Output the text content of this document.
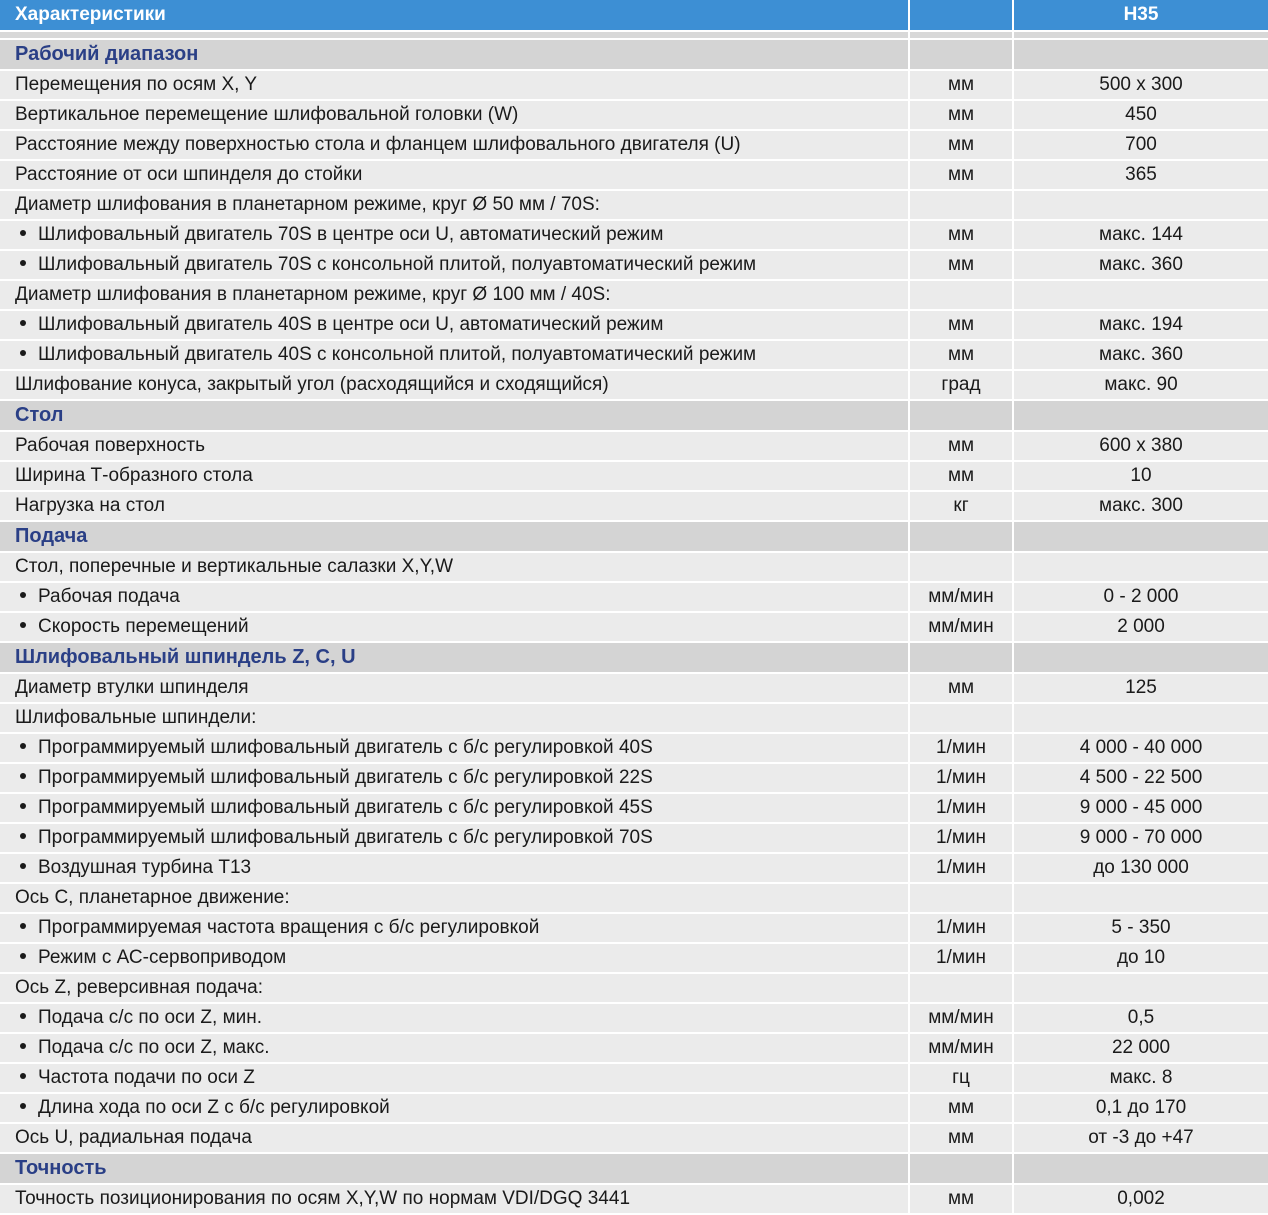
Характеристики		H35

Рабочий диапазон		
Перемещения по осям X, Y	мм	500 x 300
Вертикальное перемещение шлифовальной головки (W)	мм	450
Расстояние между поверхностью стола и фланцем шлифовального двигателя (U)	мм	700
Расстояние от оси шпинделя до стойки	мм	365
Диаметр шлифования в планетарном режиме, круг Ø 50 мм / 70S:		
Шлифовальный двигатель 70S в центре оси U, автоматический режим	мм	макс. 144
Шлифовальный двигатель 70S с консольной плитой, полуавтоматический режим	мм	макс. 360
Диаметр шлифования в планетарном режиме, круг Ø 100 мм / 40S:		
Шлифовальный двигатель 40S в центре оси U, автоматический режим	мм	макс. 194
Шлифовальный двигатель 40S с консольной плитой, полуавтоматический режим	мм	макс. 360
Шлифование конуса, закрытый угол (расходящийся и сходящийся)	град	макс. 90
Стол		
Рабочая поверхность	мм	600 x 380
Ширина Т-образного стола	мм	10
Нагрузка на стол	кг	макс. 300
Подача		
Стол, поперечные и вертикальные салазки X,Y,W		
Рабочая подача	мм/мин	0 - 2 000
Скорость перемещений	мм/мин	2 000
Шлифовальный шпиндель Z, C, U		
Диаметр втулки шпинделя	мм	125
Шлифовальные шпиндели:		
Программируемый шлифовальный двигатель с б/с регулировкой 40S	1/мин	4 000 - 40 000
Программируемый шлифовальный двигатель с б/с регулировкой 22S	1/мин	4 500 - 22 500
Программируемый шлифовальный двигатель с б/с регулировкой 45S	1/мин	9 000 - 45 000
Программируемый шлифовальный двигатель с б/с регулировкой 70S	1/мин	9 000 - 70 000
Воздушная турбина Т13	1/мин	до 130 000
Ось С, планетарное движение:		
Программируемая частота вращения с б/с регулировкой	1/мин	5 - 350
Режим с АС-сервоприводом	1/мин	до 10
Ось Z, реверсивная подача:		
Подача с/с по оси Z, мин.	мм/мин	0,5
Подача с/с по оси Z, макс.	мм/мин	22 000
Частота подачи по оси Z	гц	макс. 8
Длина хода по оси Z с б/с регулировкой	мм	0,1 до 170
Ось U, радиальная подача	мм	от -3 до +47
Точность		
Точность позиционирования по осям X,Y,W по нормам VDI/DGQ 3441	мм	0,002
